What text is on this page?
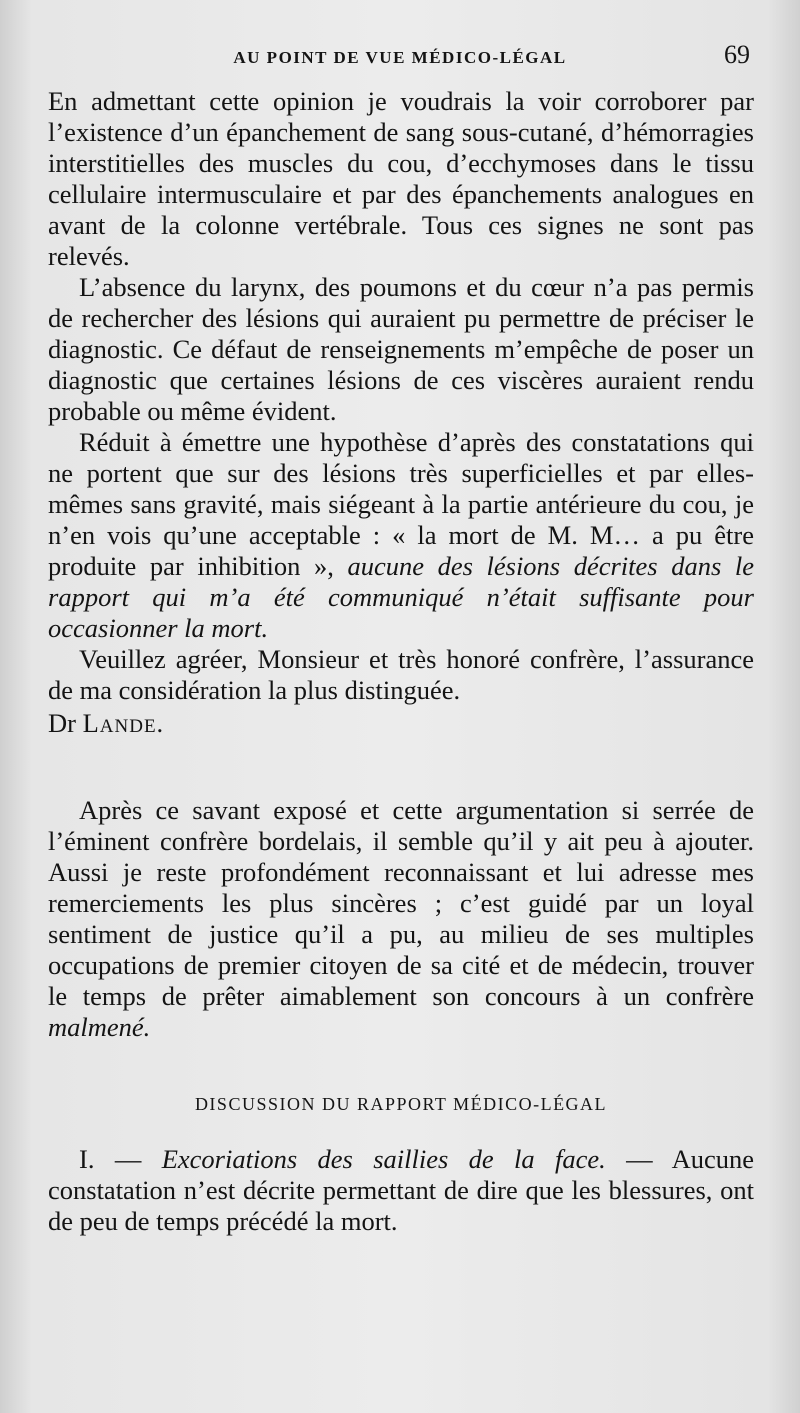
AU POINT DE VUE MÉDICO-LÉGAL	69

En admettant cette opinion je voudrais la voir corroborer par l’existence d’un épanchement de sang sous-cutané, d’hémorragies interstitielles des muscles du cou, d’ecchymoses dans le tissu cellulaire intermusculaire et par des épanchements analogues en avant de la colonne vertébrale. Tous ces signes ne sont pas relevés.

L’absence du larynx, des poumons et du cœur n’a pas permis de rechercher des lésions qui auraient pu permettre de préciser le diagnostic. Ce défaut de renseignements m’empêche de poser un diagnostic que certaines lésions de ces viscères auraient rendu probable ou même évident.

Réduit à émettre une hypothèse d’après des constatations qui ne portent que sur des lésions très superficielles et par elles-mêmes sans gravité, mais siégeant à la partie antérieure du cou, je n’en vois qu’une acceptable : « la mort de M. M… a pu être produite par inhibition », aucune des lésions décrites dans le rapport qui m’a été communiqué n’était suffisante pour occasionner la mort.

Veuillez agréer, Monsieur et très honoré confrère, l’assurance de ma considération la plus distinguée.

Dr Lande.

Après ce savant exposé et cette argumentation si serrée de l’éminent confrère bordelais, il semble qu’il y ait peu à ajouter. Aussi je reste profondément reconnaissant et lui adresse mes remerciements les plus sincères ; c’est guidé par un loyal sentiment de justice qu’il a pu, au milieu de ses multiples occupations de premier citoyen de sa cité et de médecin, trouver le temps de prêter aimablement son concours à un confrère malmené.

DISCUSSION DU RAPPORT MÉDICO-LÉGAL

I. — Excoriations des saillies de la face. — Aucune constatation n’est décrite permettant de dire que les blessures, ont de peu de temps précédé la mort.
